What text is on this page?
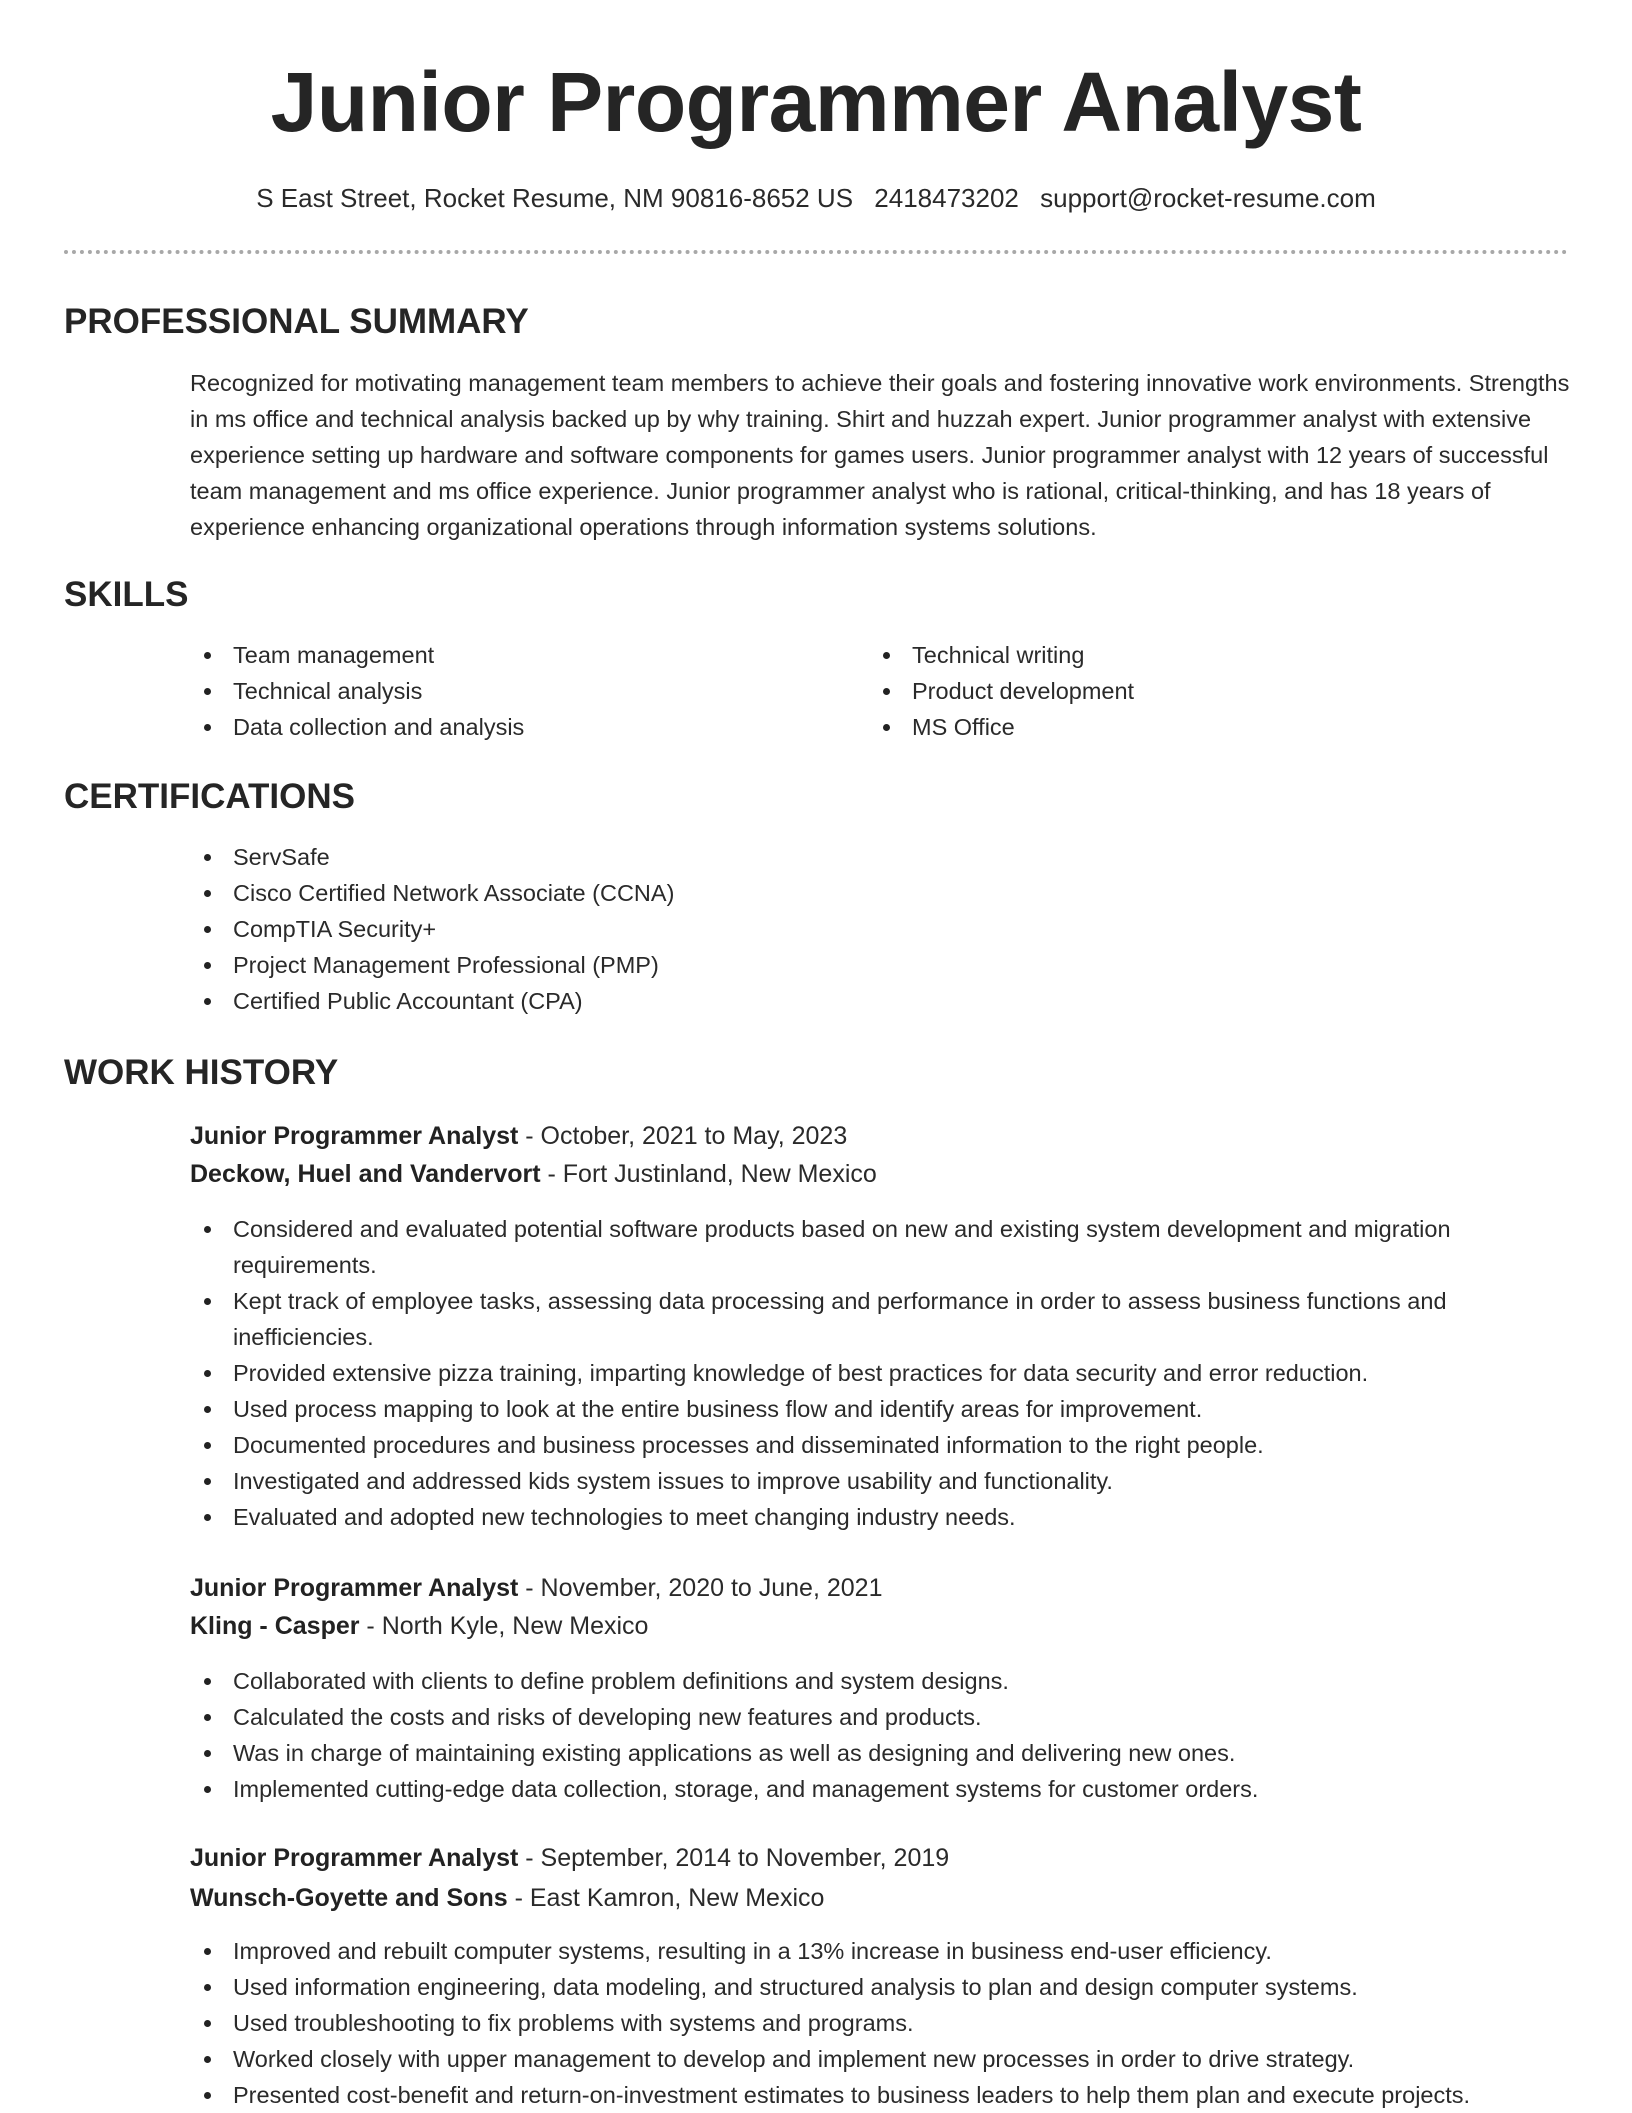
Junior Programmer Analyst
S East Street, Rocket Resume, NM 90816-8652 US 2418473202 support@rocket-resume.com
PROFESSIONAL SUMMARY
Recognized for motivating management team members to achieve their goals and fostering innovative work environments. Strengths in ms office and technical analysis backed up by why training. Shirt and huzzah expert. Junior programmer analyst with extensive experience setting up hardware and software components for games users. Junior programmer analyst with 12 years of successful team management and ms office experience. Junior programmer analyst who is rational, critical-thinking, and has 18 years of experience enhancing organizational operations through information systems solutions.
SKILLS
Team management
Technical analysis
Data collection and analysis
Technical writing
Product development
MS Office
CERTIFICATIONS
ServSafe
Cisco Certified Network Associate (CCNA)
CompTIA Security+
Project Management Professional (PMP)
Certified Public Accountant (CPA)
WORK HISTORY
Junior Programmer Analyst - October, 2021 to May, 2023
Deckow, Huel and Vandervort - Fort Justinland, New Mexico
Considered and evaluated potential software products based on new and existing system development and migration requirements.
Kept track of employee tasks, assessing data processing and performance in order to assess business functions and inefficiencies.
Provided extensive pizza training, imparting knowledge of best practices for data security and error reduction.
Used process mapping to look at the entire business flow and identify areas for improvement.
Documented procedures and business processes and disseminated information to the right people.
Investigated and addressed kids system issues to improve usability and functionality.
Evaluated and adopted new technologies to meet changing industry needs.
Junior Programmer Analyst - November, 2020 to June, 2021
Kling - Casper - North Kyle, New Mexico
Collaborated with clients to define problem definitions and system designs.
Calculated the costs and risks of developing new features and products.
Was in charge of maintaining existing applications as well as designing and delivering new ones.
Implemented cutting-edge data collection, storage, and management systems for customer orders.
Junior Programmer Analyst - September, 2014 to November, 2019
Wunsch-Goyette and Sons - East Kamron, New Mexico
Improved and rebuilt computer systems, resulting in a 13% increase in business end-user efficiency.
Used information engineering, data modeling, and structured analysis to plan and design computer systems.
Used troubleshooting to fix problems with systems and programs.
Worked closely with upper management to develop and implement new processes in order to drive strategy.
Presented cost-benefit and return-on-investment estimates to business leaders to help them plan and execute projects.
